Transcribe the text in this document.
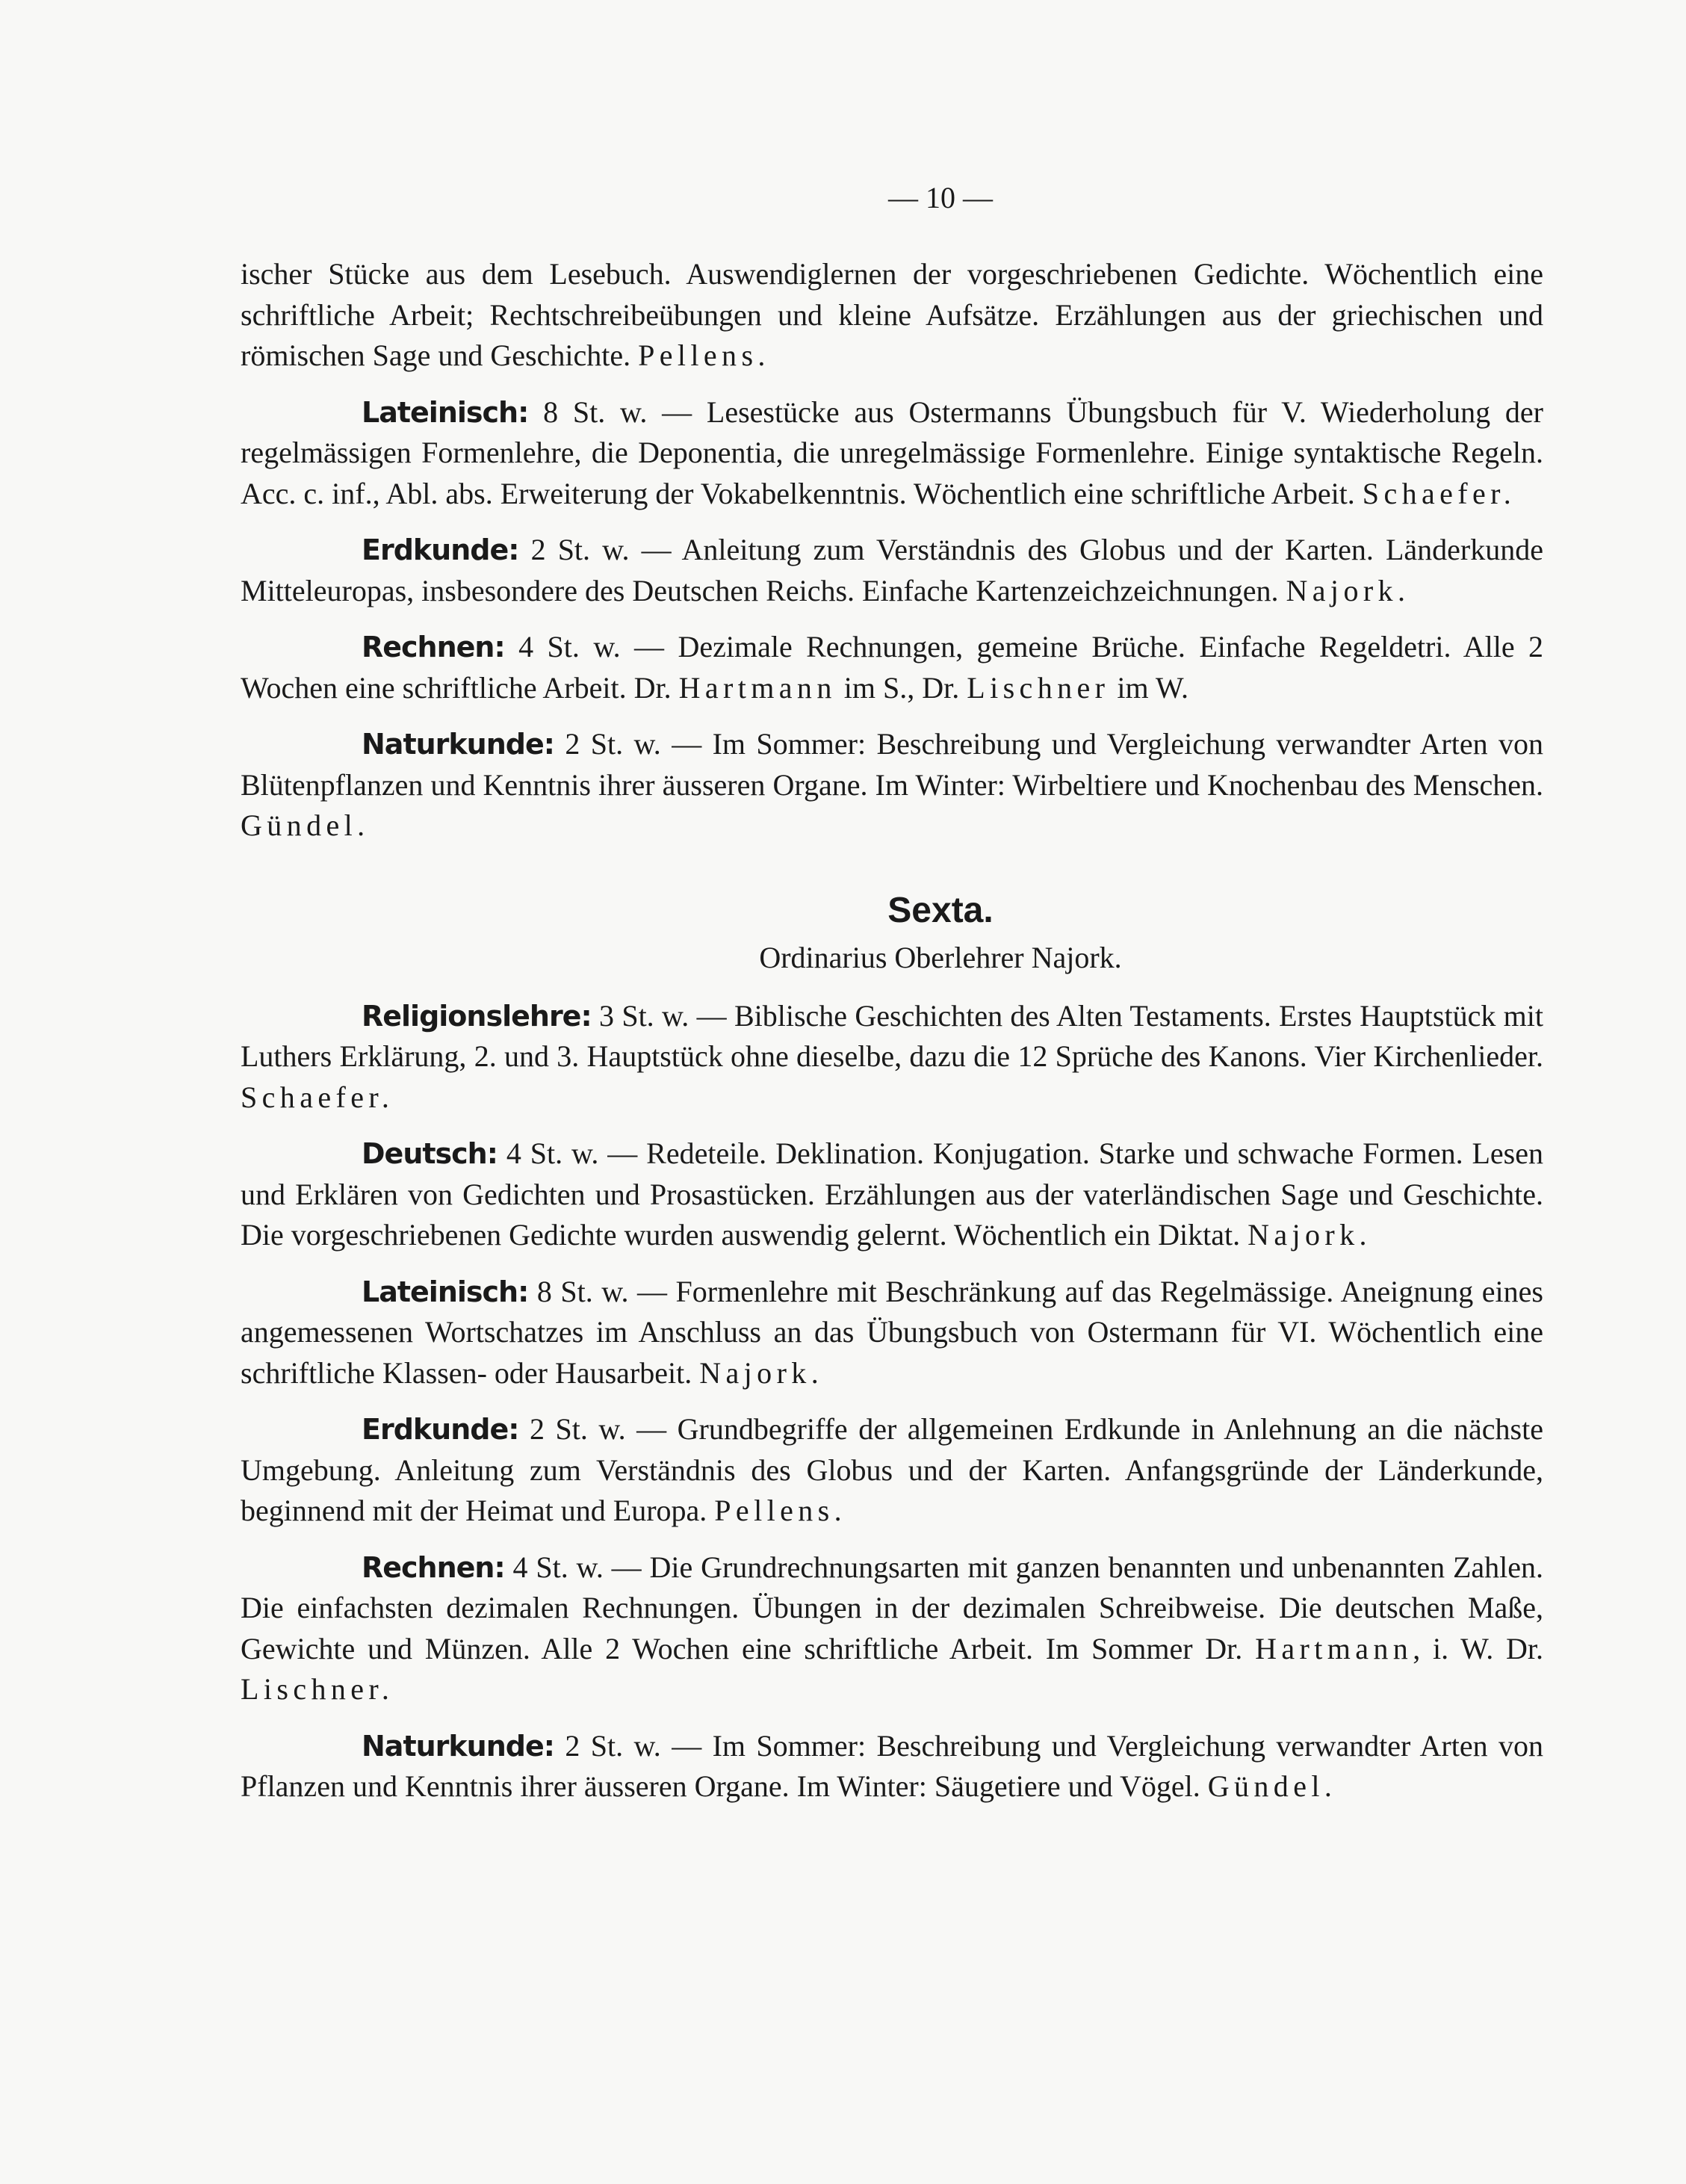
— 10 —

ischer Stücke aus dem Lesebuch. Auswendiglernen der vorgeschriebenen Gedichte. Wöchentlich eine schriftliche Arbeit; Rechtschreibeübungen und kleine Aufsätze. Erzählungen aus der griechischen und römischen Sage und Geschichte. Pellens.

Lateinisch: 8 St. w. — Lesestücke aus Ostermanns Übungsbuch für V. Wiederholung der regelmässigen Formenlehre, die Deponentia, die unregelmässige Formenlehre. Einige syntaktische Regeln. Acc. c. inf., Abl. abs. Erweiterung der Vokabelkenntnis. Wöchentlich eine schriftliche Arbeit. Schaefer.

Erdkunde: 2 St. w. — Anleitung zum Verständnis des Globus und der Karten. Länderkunde Mitteleuropas, insbesondere des Deutschen Reichs. Einfache Kartenzeichzeichnungen. Najork.

Rechnen: 4 St. w. — Dezimale Rechnungen, gemeine Brüche. Einfache Regeldetri. Alle 2 Wochen eine schriftliche Arbeit. Dr. Hartmann im S., Dr. Lischner im W.

Naturkunde: 2 St. w. — Im Sommer: Beschreibung und Vergleichung verwandter Arten von Blütenpflanzen und Kenntnis ihrer äusseren Organe. Im Winter: Wirbeltiere und Knochenbau des Menschen. Gündel.

Sexta.
Ordinarius Oberlehrer Najork.

Religionslehre: 3 St. w. — Biblische Geschichten des Alten Testaments. Erstes Hauptstück mit Luthers Erklärung, 2. und 3. Hauptstück ohne dieselbe, dazu die 12 Sprüche des Kanons. Vier Kirchenlieder. Schaefer.

Deutsch: 4 St. w. — Redeteile. Deklination. Konjugation. Starke und schwache Formen. Lesen und Erklären von Gedichten und Prosastücken. Erzählungen aus der vaterländischen Sage und Geschichte. Die vorgeschriebenen Gedichte wurden auswendig gelernt. Wöchentlich ein Diktat. Najork.

Lateinisch: 8 St. w. — Formenlehre mit Beschränkung auf das Regelmässige. Aneignung eines angemessenen Wortschatzes im Anschluss an das Übungsbuch von Ostermann für VI. Wöchentlich eine schriftliche Klassen- oder Hausarbeit. Najork.

Erdkunde: 2 St. w. — Grundbegriffe der allgemeinen Erdkunde in Anlehnung an die nächste Umgebung. Anleitung zum Verständnis des Globus und der Karten. Anfangsgründe der Länderkunde, beginnend mit der Heimat und Europa. Pellens.

Rechnen: 4 St. w. — Die Grundrechnungsarten mit ganzen benannten und unbenannten Zahlen. Die einfachsten dezimalen Rechnungen. Übungen in der dezimalen Schreibweise. Die deutschen Maße, Gewichte und Münzen. Alle 2 Wochen eine schriftliche Arbeit. Im Sommer Dr. Hartmann, i. W. Dr. Lischner.

Naturkunde: 2 St. w. — Im Sommer: Beschreibung und Vergleichung verwandter Arten von Pflanzen und Kenntnis ihrer äusseren Organe. Im Winter: Säugetiere und Vögel. Gündel.
